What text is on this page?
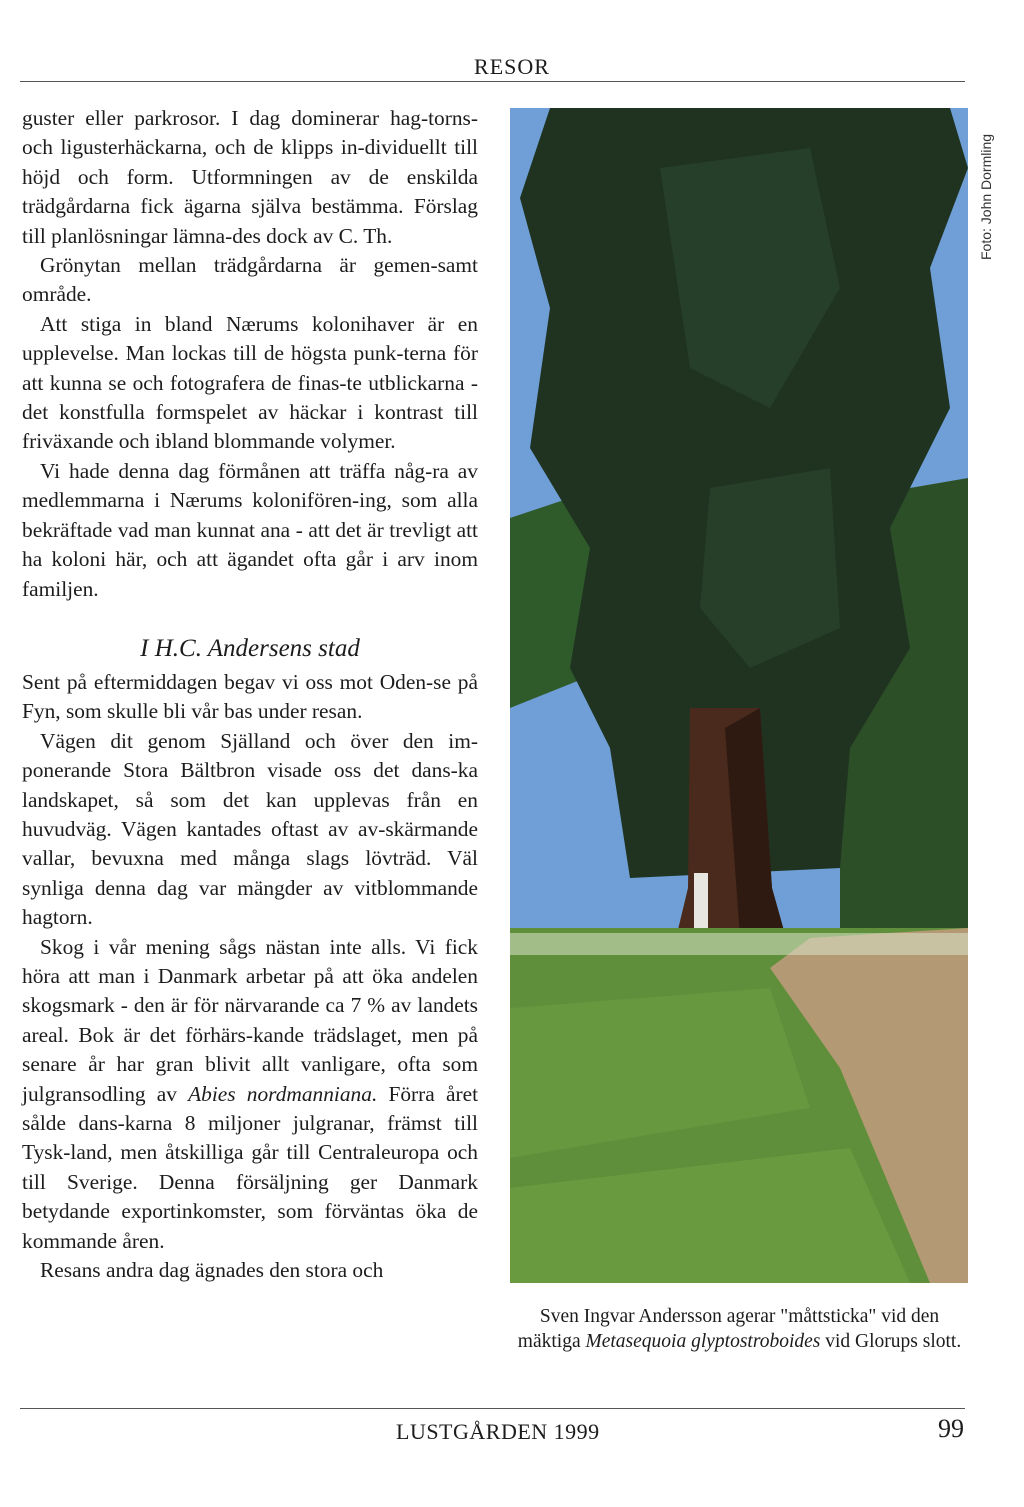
RESOR

guster eller parkrosor. I dag dominerar hag-torns- och ligusterhäckarna, och de klipps in-dividuellt till höjd och form. Utformningen av de enskilda trädgårdarna fick ägarna själva bestämma. Förslag till planlösningar lämna-des dock av C. Th.

Grönytan mellan trädgårdarna är gemen-samt område.

Att stiga in bland Nærums kolonihaver är en upplevelse. Man lockas till de högsta punk-terna för att kunna se och fotografera de finas-te utblickarna - det konstfulla formspelet av häckar i kontrast till friväxande och ibland blommande volymer.

Vi hade denna dag förmånen att träffa någ-ra av medlemmarna i Nærums kolonifören-ing, som alla bekräftade vad man kunnat ana - att det är trevligt att ha koloni här, och att ägandet ofta går i arv inom familjen.

I H.C. Andersens stad

Sent på eftermiddagen begav vi oss mot Oden-se på Fyn, som skulle bli vår bas under resan.

Vägen dit genom Själland och över den im-ponerande Stora Bältbron visade oss det dans-ka landskapet, så som det kan upplevas från en huvudväg. Vägen kantades oftast av av-skärmande vallar, bevuxna med många slags lövträd. Väl synliga denna dag var mängder av vitblommande hagtorn.

Skog i vår mening sågs nästan inte alls. Vi fick höra att man i Danmark arbetar på att öka andelen skogsmark - den är för närvarande ca 7 % av landets areal. Bok är det förhärs-kande trädslaget, men på senare år har gran blivit allt vanligare, ofta som julgransodling av Abies nordmanniana. Förra året sålde dans-karna 8 miljoner julgranar, främst till Tysk-land, men åtskilliga går till Centraleuropa och till Sverige. Denna försäljning ger Danmark betydande exportinkomster, som förväntas öka de kommande åren.

Resans andra dag ägnades den stora och

Foto: John Dormling
Sven Ingvar Andersson agerar "måttsticka" vid den mäktiga Metasequoia glyptostroboides vid Glorups slott.
LUSTGÅRDEN 1999	99
